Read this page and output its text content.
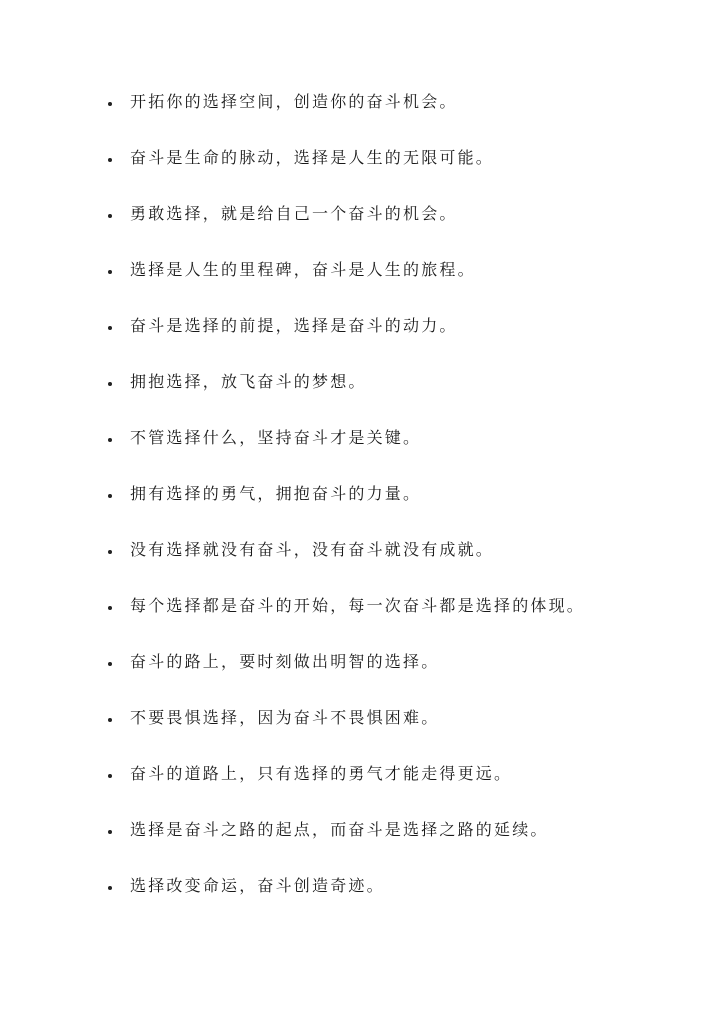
开拓你的选择空间，创造你的奋斗机会。
奋斗是生命的脉动，选择是人生的无限可能。
勇敢选择，就是给自己一个奋斗的机会。
选择是人生的里程碑，奋斗是人生的旅程。
奋斗是选择的前提，选择是奋斗的动力。
拥抱选择，放飞奋斗的梦想。
不管选择什么，坚持奋斗才是关键。
拥有选择的勇气，拥抱奋斗的力量。
没有选择就没有奋斗，没有奋斗就没有成就。
每个选择都是奋斗的开始，每一次奋斗都是选择的体现。
奋斗的路上，要时刻做出明智的选择。
不要畏惧选择，因为奋斗不畏惧困难。
奋斗的道路上，只有选择的勇气才能走得更远。
选择是奋斗之路的起点，而奋斗是选择之路的延续。
选择改变命运，奋斗创造奇迹。
